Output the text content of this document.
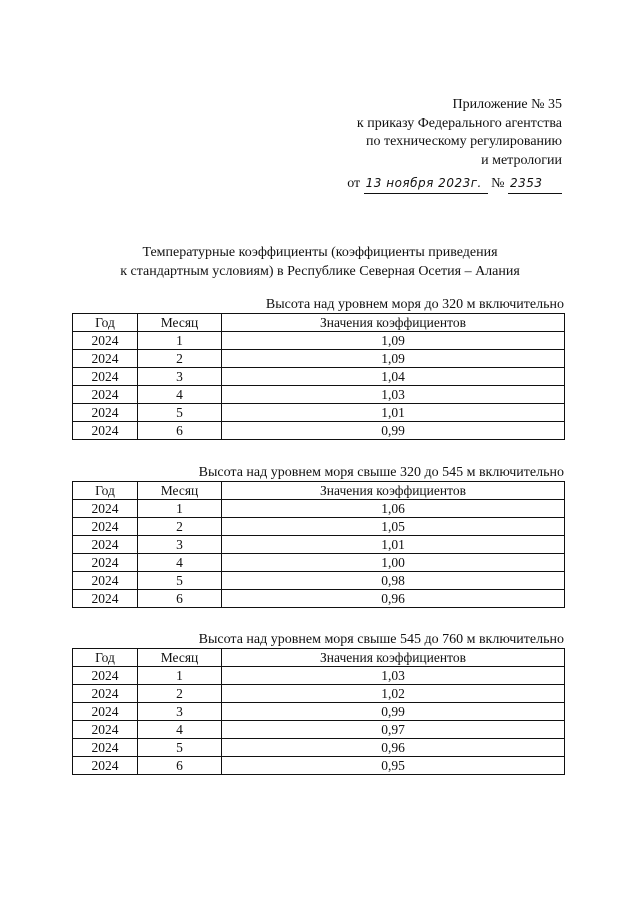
Приложение № 35
к приказу Федерального агентства
по техническому регулированию
и метрологии
от 13 ноября 2023г. № 2353
Температурные коэффициенты (коэффициенты приведения
к стандартным условиям) в Республике Северная Осетия – Алания
Высота над уровнем моря до 320 м включительно
Год	Месяц	Значения коэффициентов
2024	1	1,09
2024	2	1,09
2024	3	1,04
2024	4	1,03
2024	5	1,01
2024	6	0,99
Высота над уровнем моря свыше 320 до 545 м включительно
Год	Месяц	Значения коэффициентов
2024	1	1,06
2024	2	1,05
2024	3	1,01
2024	4	1,00
2024	5	0,98
2024	6	0,96
Высота над уровнем моря свыше 545 до 760 м включительно
Год	Месяц	Значения коэффициентов
2024	1	1,03
2024	2	1,02
2024	3	0,99
2024	4	0,97
2024	5	0,96
2024	6	0,95
